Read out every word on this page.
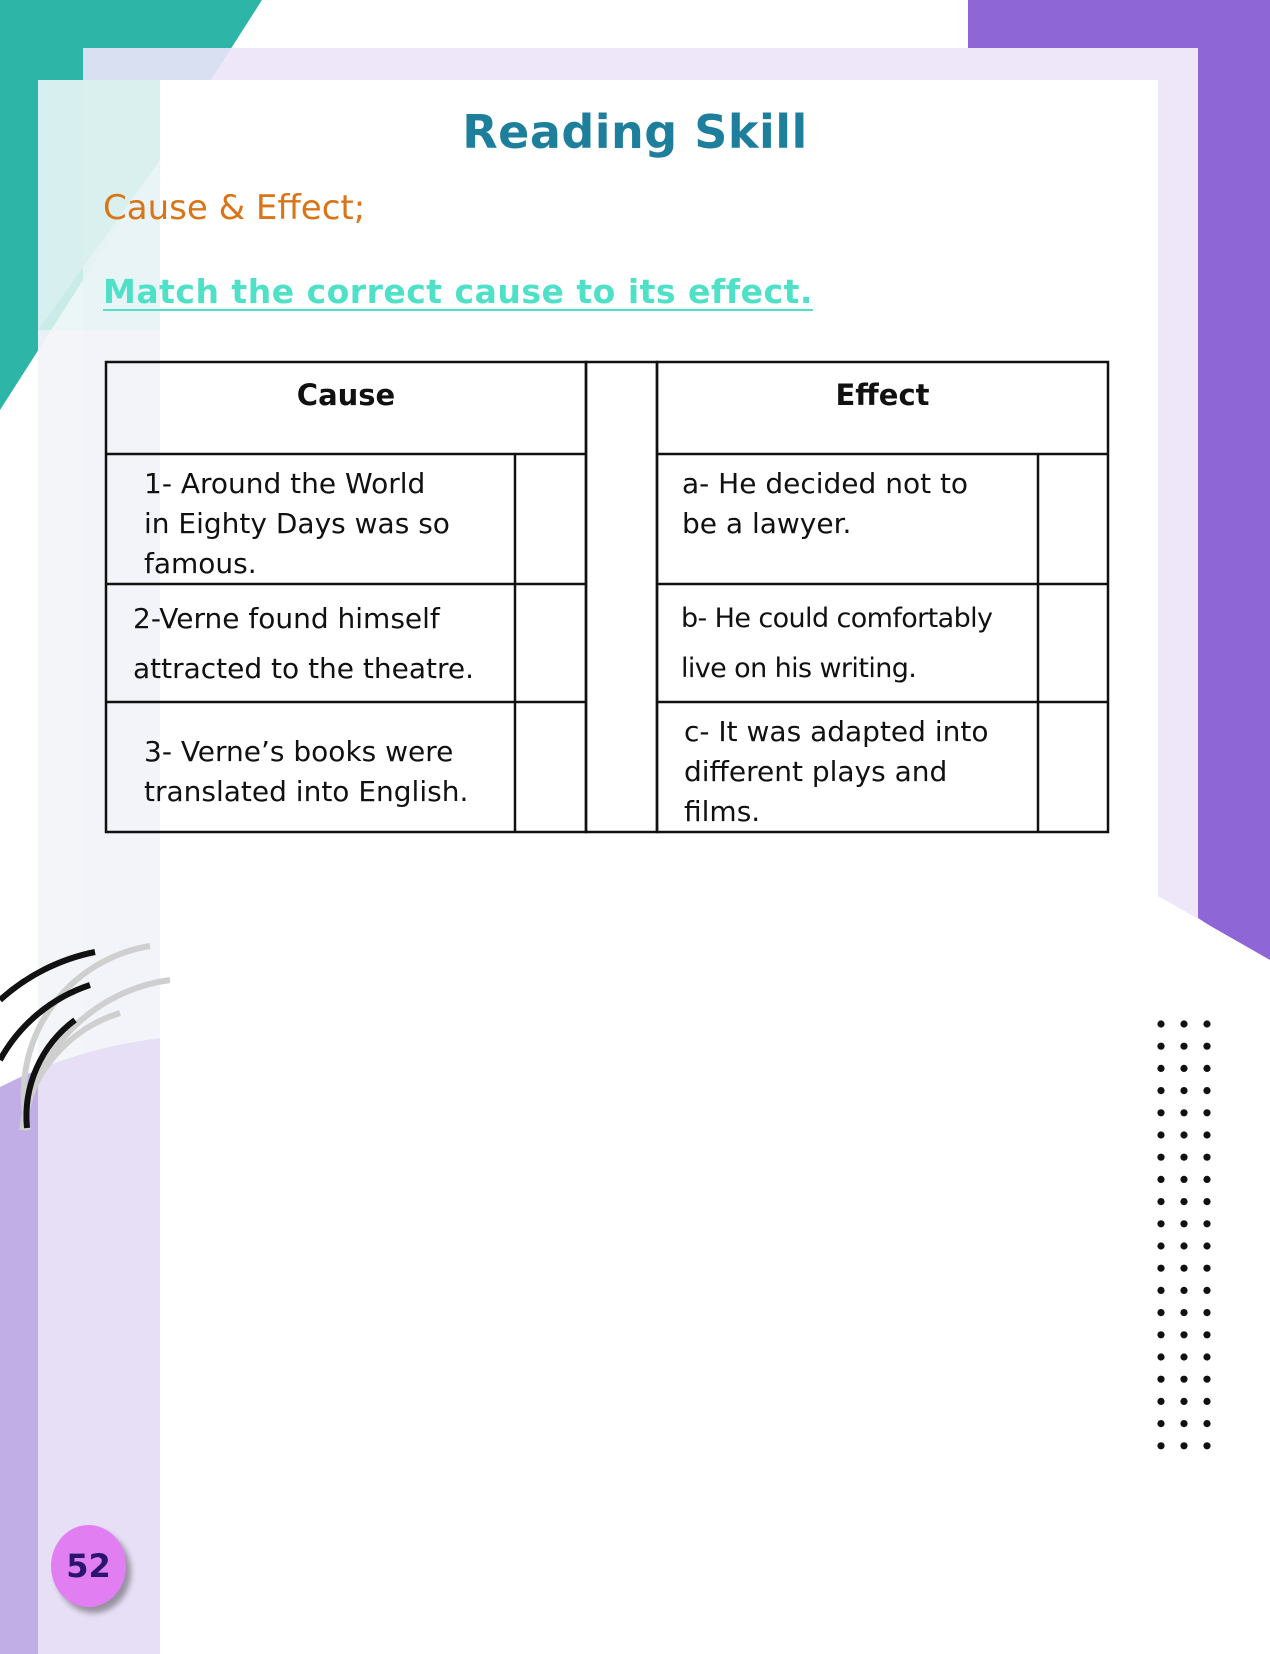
Reading Skill
Cause & Effect;
Match the correct cause to its effect.
Cause	Effect
1- Around the World
in Eighty Days was so
famous.
2-Verne found himself
attracted to the theatre.
3- Verne’s books were
translated into English.
a- He decided not to
be a lawyer.
b- He could comfortably
live on his writing.
c- It was adapted into
different plays and
films.
52
